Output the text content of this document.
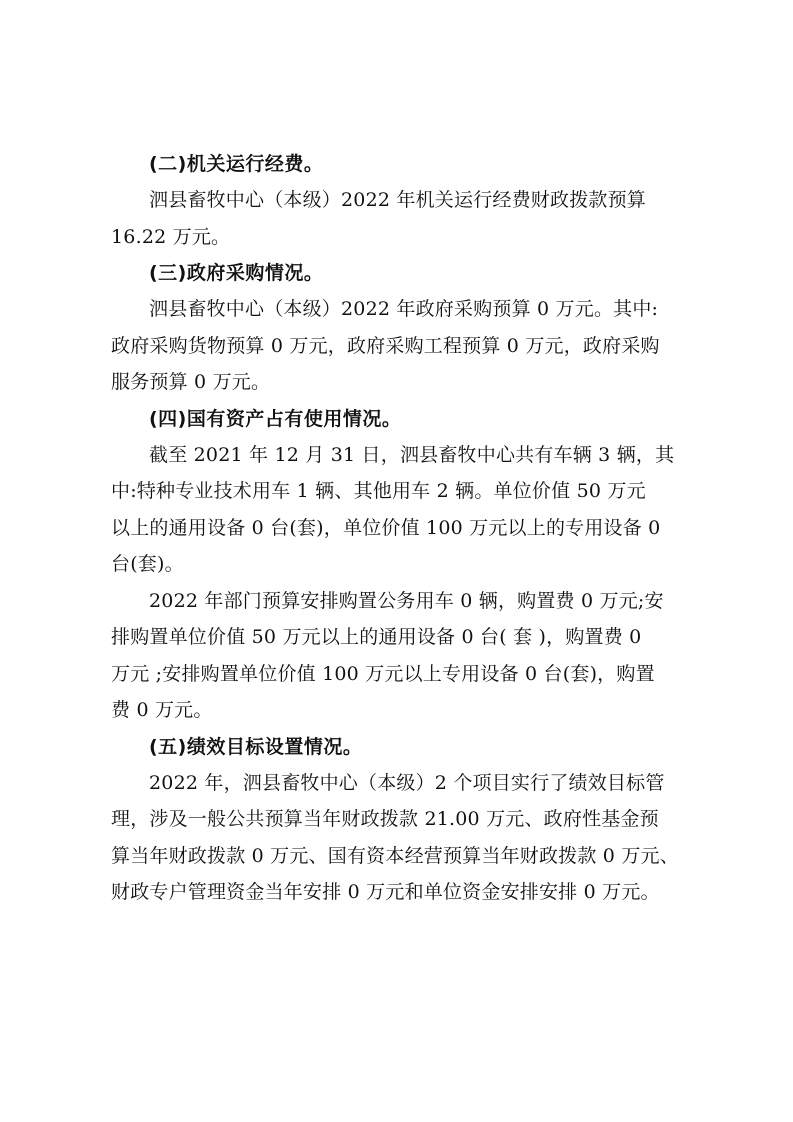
(二)机关运行经费。

泗县畜牧中心（本级）2022 年机关运行经费财政拨款预算
16.22 万元。

(三)政府采购情况。

泗县畜牧中心（本级）2022 年政府采购预算 0 万元。其中:
政府采购货物预算 0 万元，政府采购工程预算 0 万元，政府采购
服务预算 0 万元。

(四)国有资产占有使用情况。

截至 2021 年 12 月 31 日，泗县畜牧中心共有车辆 3 辆，其
中:特种专业技术用车 1 辆、其他用车 2 辆。单位价值 50 万元
以上的通用设备 0 台(套)，单位价值 100 万元以上的专用设备 0
台(套)。

2022 年部门预算安排购置公务用车 0 辆，购置费 0 万元;安
排购置单位价值 50 万元以上的通用设备 0 台( 套 )，购置费 0
万元 ;安排购置单位价值 100 万元以上专用设备 0 台(套)，购置
费 0 万元。

(五)绩效目标设置情况。

2022 年，泗县畜牧中心（本级）2 个项目实行了绩效目标管
理，涉及一般公共预算当年财政拨款 21.00 万元、政府性基金预
算当年财政拨款 0 万元、国有资本经营预算当年财政拨款 0 万元、
财政专户管理资金当年安排 0 万元和单位资金安排安排 0 万元。
